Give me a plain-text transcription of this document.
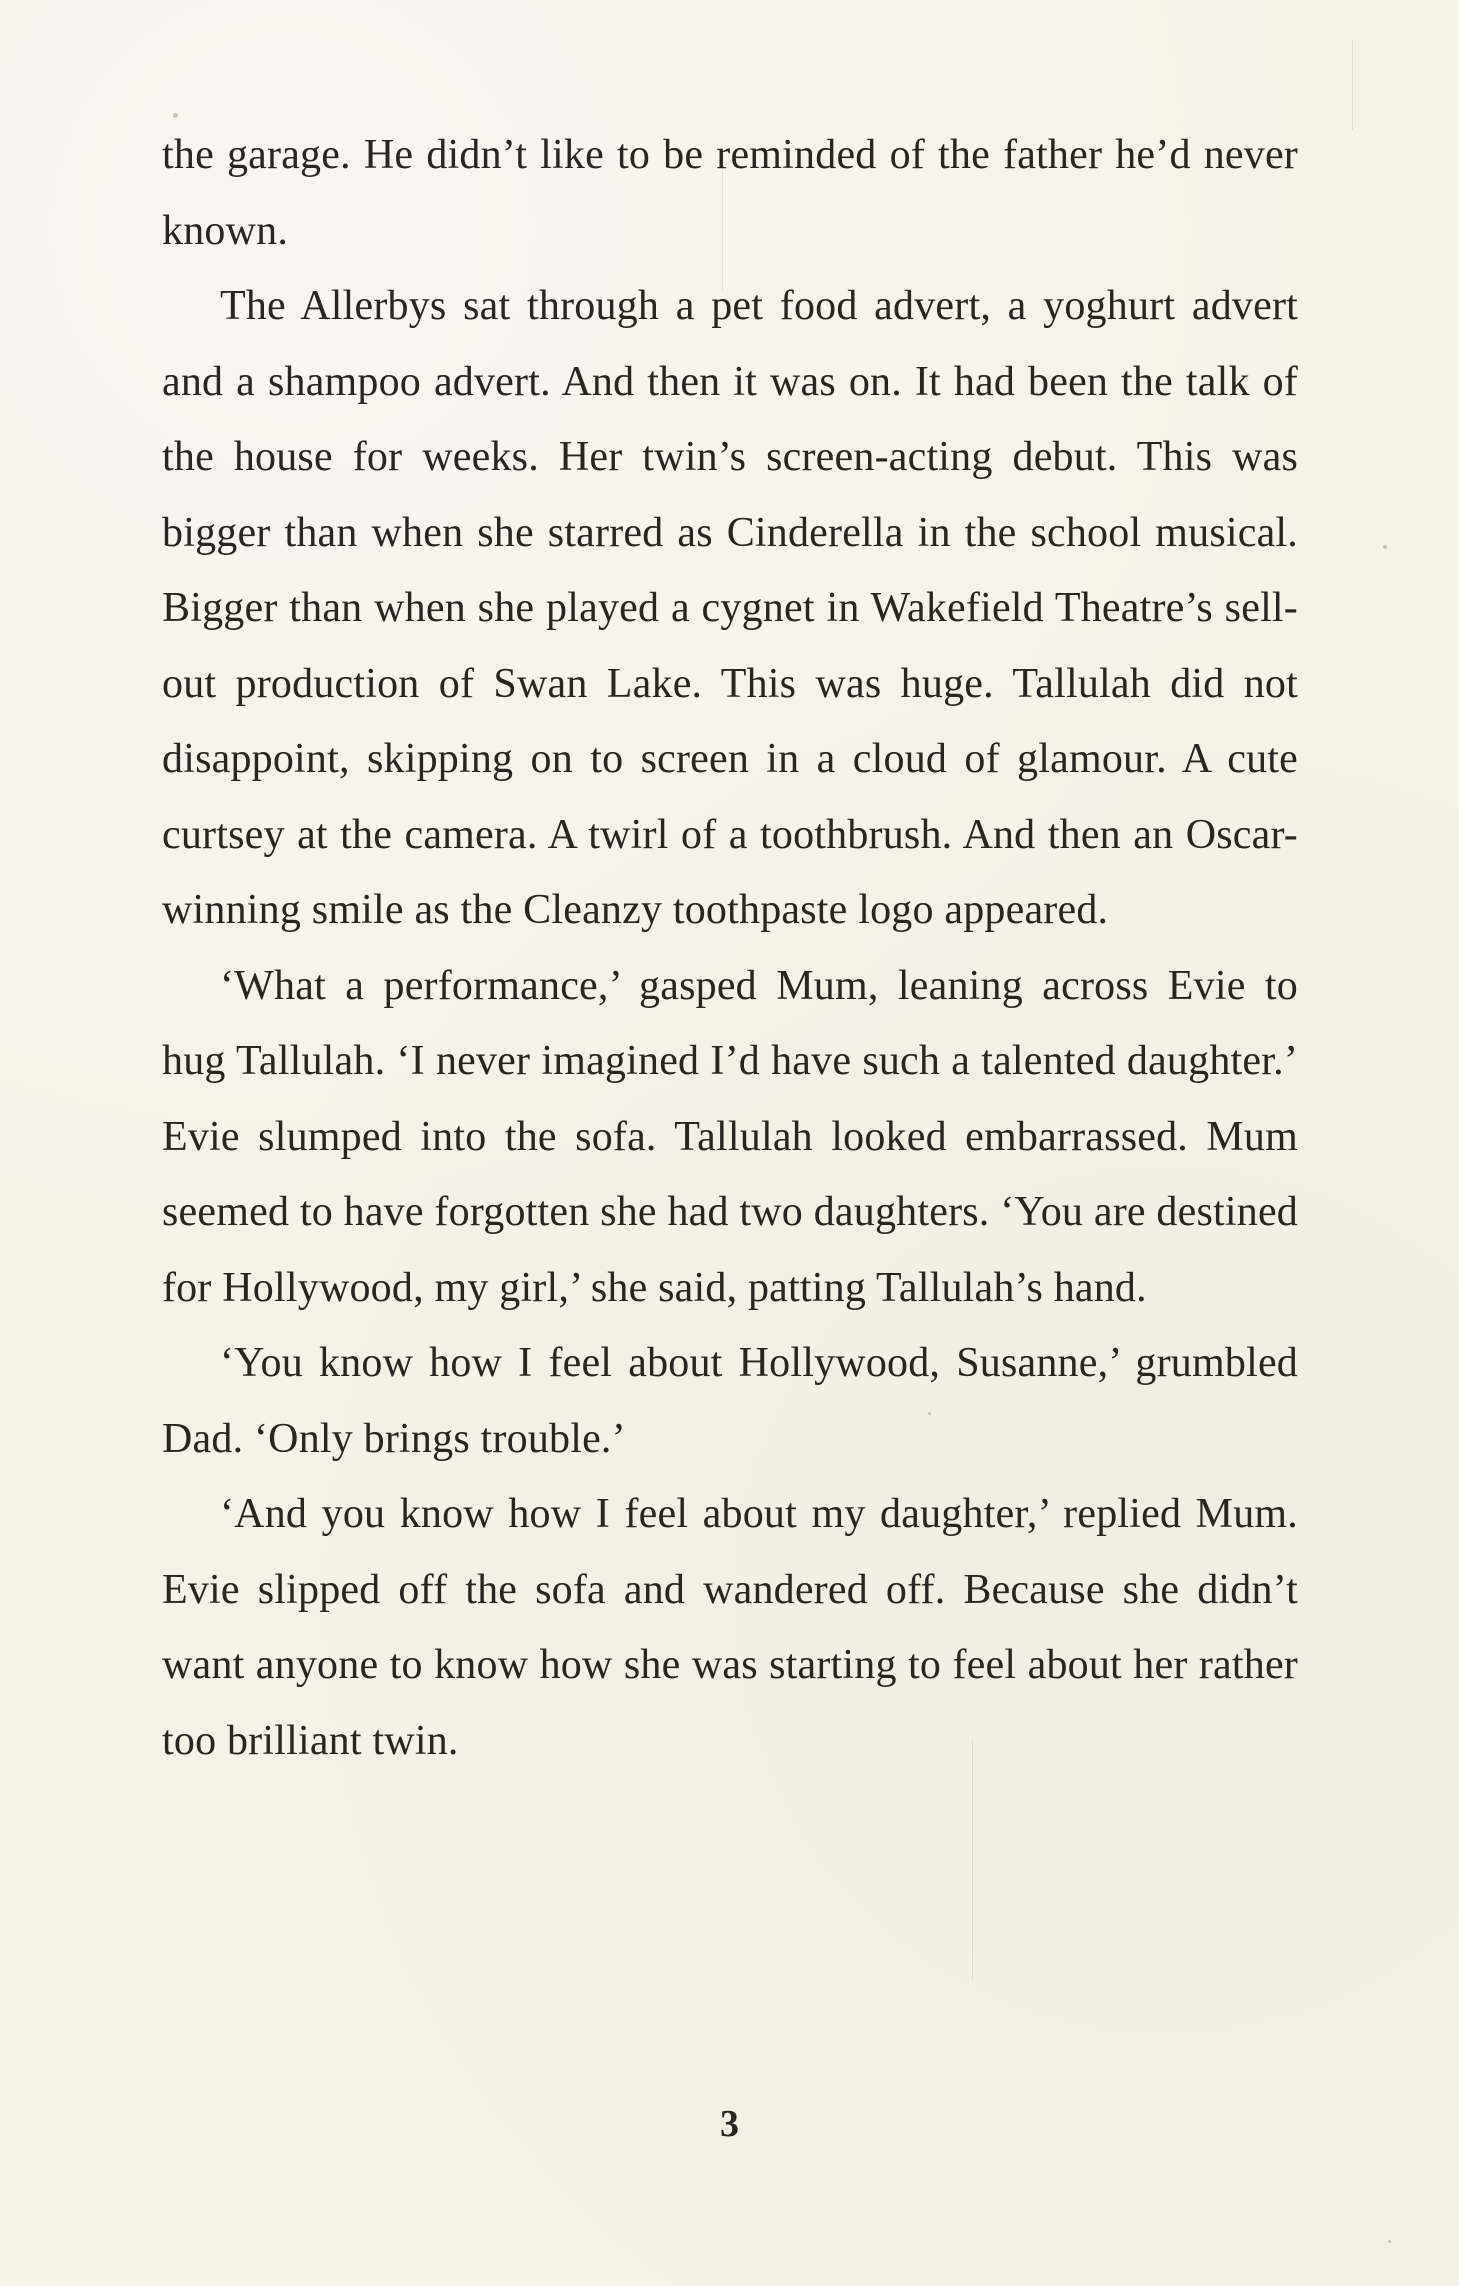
the garage. He didn’t like to be reminded of the father he’d never known.

The Allerbys sat through a pet food advert, a yoghurt advert and a shampoo advert. And then it was on. It had been the talk of the house for weeks. Her twin’s screen-acting debut. This was bigger than when she starred as Cinderella in the school musical. Bigger than when she played a cygnet in Wakefield Theatre’s sell-out production of Swan Lake. This was huge. Tallulah did not disappoint, skipping on to screen in a cloud of glamour. A cute curtsey at the camera. A twirl of a toothbrush. And then an Oscar-winning smile as the Cleanzy toothpaste logo appeared.

‘What a performance,’ gasped Mum, leaning across Evie to hug Tallulah. ‘I never imagined I’d have such a talented daughter.’ Evie slumped into the sofa. Tallulah looked embarrassed. Mum seemed to have forgotten she had two daughters. ‘You are destined for Hollywood, my girl,’ she said, patting Tallulah’s hand.

‘You know how I feel about Hollywood, Susanne,’ grumbled Dad. ‘Only brings trouble.’

‘And you know how I feel about my daughter,’ replied Mum. Evie slipped off the sofa and wandered off. Because she didn’t want anyone to know how she was starting to feel about her rather too brilliant twin.

3
